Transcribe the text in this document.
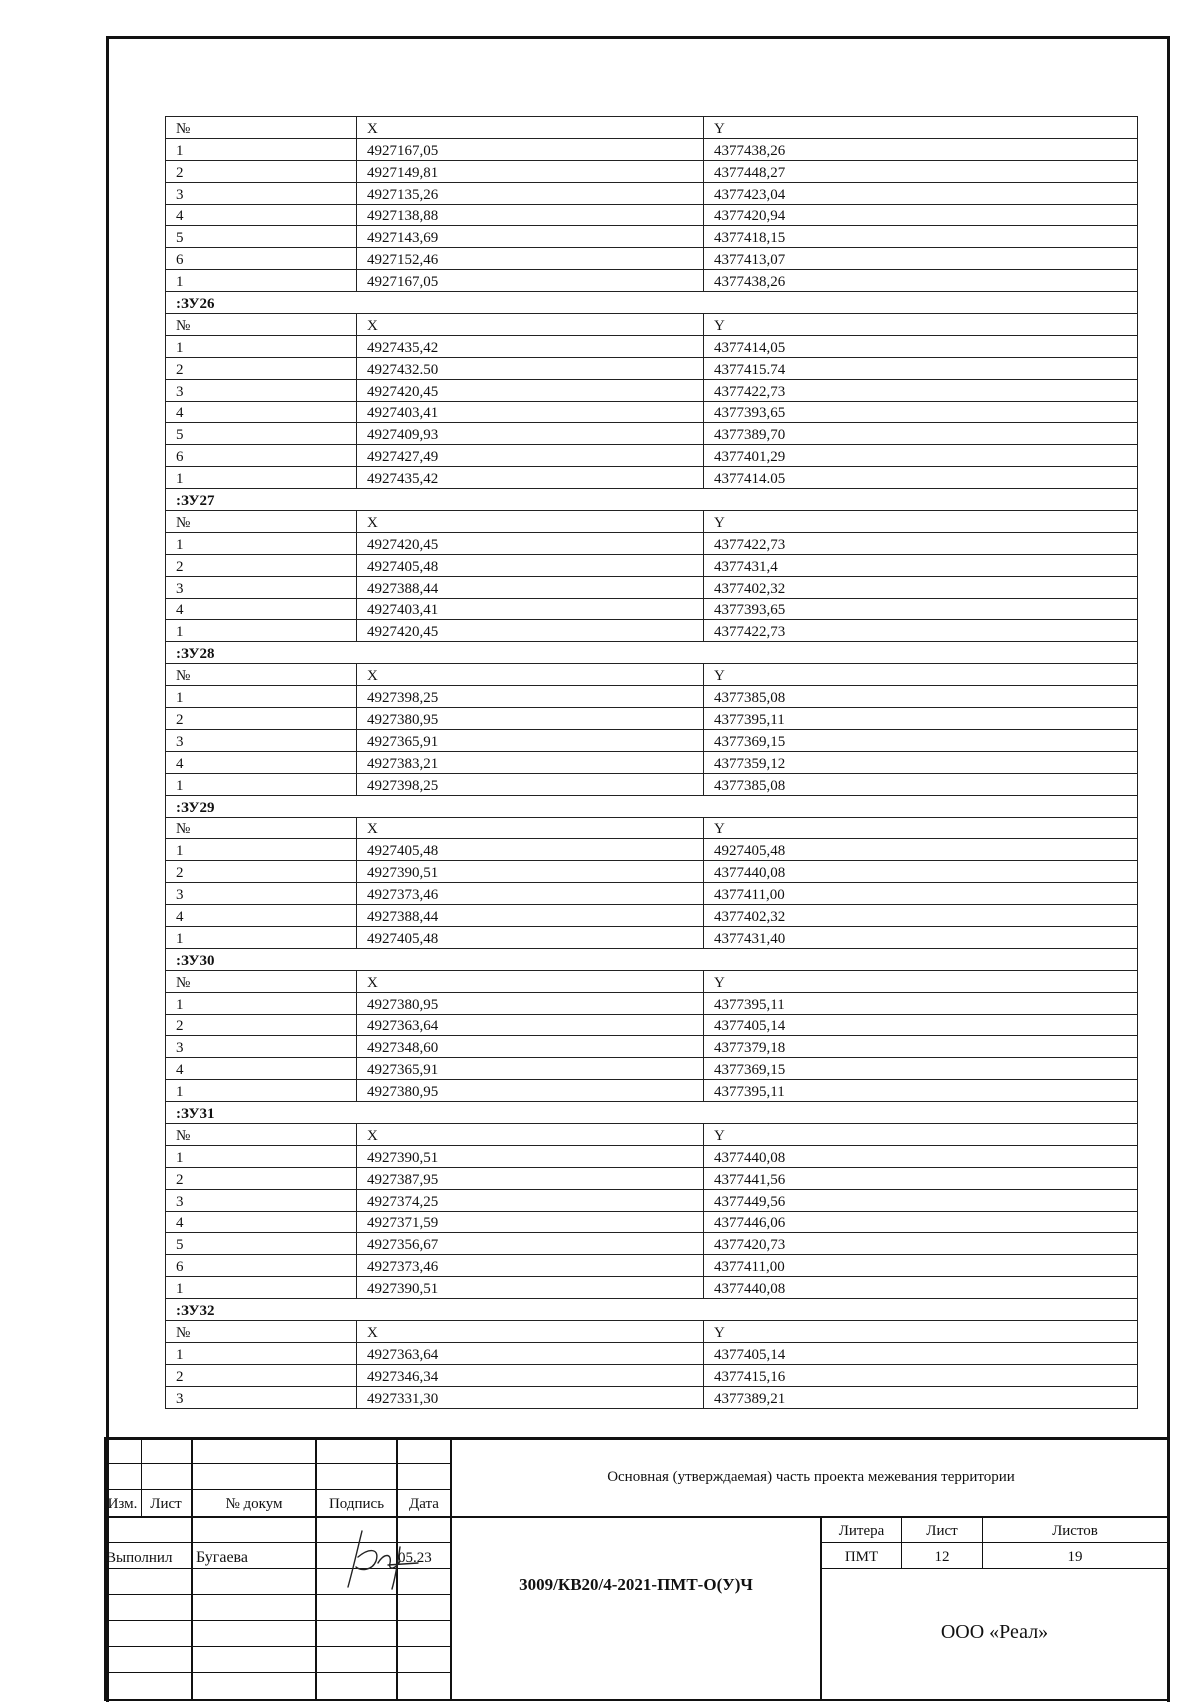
№	X	Y
1	4927167,05	4377438,26
2	4927149,81	4377448,27
3	4927135,26	4377423,04
4	4927138,88	4377420,94
5	4927143,69	4377418,15
6	4927152,46	4377413,07
1	4927167,05	4377438,26
:ЗУ26		
№	X	Y
1	4927435,42	4377414,05
2	4927432.50	4377415.74
3	4927420,45	4377422,73
4	4927403,41	4377393,65
5	4927409,93	4377389,70
6	4927427,49	4377401,29
1	4927435,42	4377414.05
:ЗУ27		
№	X	Y
1	4927420,45	4377422,73
2	4927405,48	4377431,4
3	4927388,44	4377402,32
4	4927403,41	4377393,65
1	4927420,45	4377422,73
:ЗУ28		
№	X	Y
1	4927398,25	4377385,08
2	4927380,95	4377395,11
3	4927365,91	4377369,15
4	4927383,21	4377359,12
1	4927398,25	4377385,08
:ЗУ29		
№	X	Y
1	4927405,48	4927405,48
2	4927390,51	4377440,08
3	4927373,46	4377411,00
4	4927388,44	4377402,32
1	4927405,48	4377431,40
:ЗУ30		
№	X	Y
1	4927380,95	4377395,11
2	4927363,64	4377405,14
3	4927348,60	4377379,18
4	4927365,91	4377369,15
1	4927380,95	4377395,11
:ЗУ31		
№	X	Y
1	4927390,51	4377440,08
2	4927387,95	4377441,56
3	4927374,25	4377449,56
4	4927371,59	4377446,06
5	4927356,67	4377420,73
6	4927373,46	4377411,00
1	4927390,51	4377440,08
:ЗУ32		
№	X	Y
1	4927363,64	4377405,14
2	4927346,34	4377415,16
3	4927331,30	4377389,21
Изм. Лист	№ докум	Подпись	Дата
Выполнил	Бугаева	05.23
Основная (утверждаемая) часть проекта межевания территории
3009/КВ20/4-2021-ПМТ-О(У)Ч
Литера	Лист	Листов
ПМТ	12	19
ООО «Реал»
